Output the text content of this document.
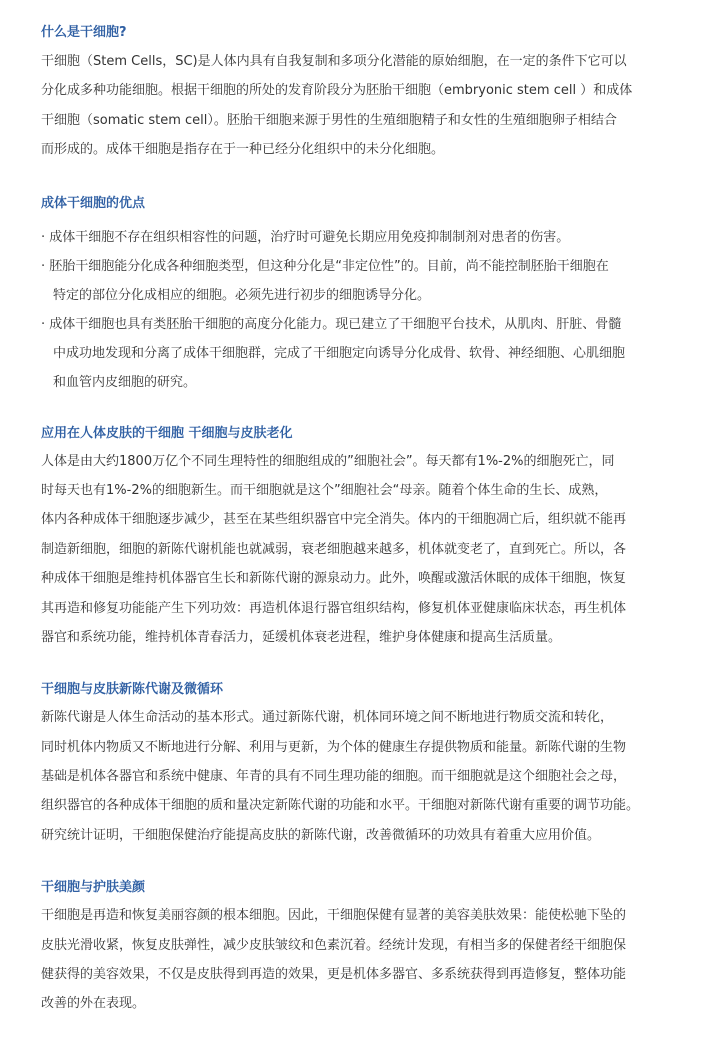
什么是干细胞?
干细胞（Stem Cells，SC)是人体内具有自我复制和多项分化潜能的原始细胞，在一定的条件下它可以
分化成多种功能细胞。根据干细胞的所处的发育阶段分为胚胎干细胞（embryonic stem cell ）和成体
干细胞（somatic stem cell）。胚胎干细胞来源于男性的生殖细胞精子和女性的生殖细胞卵子相结合
而形成的。成体干细胞是指存在于一种已经分化组织中的未分化细胞。
成体干细胞的优点
· 成体干细胞不存在组织相容性的问题，治疗时可避免长期应用免疫抑制制剂对患者的伤害。
· 胚胎干细胞能分化成各种细胞类型，但这种分化是“非定位性”的。目前，尚不能控制胚胎干细胞在
特定的部位分化成相应的细胞。必须先进行初步的细胞诱导分化。
· 成体干细胞也具有类胚胎干细胞的高度分化能力。现已建立了干细胞平台技术，从肌肉、肝脏、骨髓
中成功地发现和分离了成体干细胞群，完成了干细胞定向诱导分化成骨、软骨、神经细胞、心肌细胞
和血管内皮细胞的研究。
应用在人体皮肤的干细胞 干细胞与皮肤老化
人体是由大约1800万亿个不同生理特性的细胞组成的”细胞社会”。每天都有1%-2%的细胞死亡，同
时每天也有1%-2%的细胞新生。而干细胞就是这个”细胞社会“母亲。随着个体生命的生长、成熟，
体内各种成体干细胞逐步减少，甚至在某些组织器官中完全消失。体内的干细胞凋亡后，组织就不能再
制造新细胞，细胞的新陈代谢机能也就减弱，衰老细胞越来越多，机体就变老了，直到死亡。所以，各
种成体干细胞是维持机体器官生长和新陈代谢的源泉动力。此外，唤醒或激活休眠的成体干细胞，恢复
其再造和修复功能能产生下列功效：再造机体退行器官组织结构，修复机体亚健康临床状态，再生机体
器官和系统功能，维持机体青春活力，延缓机体衰老进程，维护身体健康和提高生活质量。
干细胞与皮肤新陈代谢及微循环
新陈代谢是人体生命活动的基本形式。通过新陈代谢，机体同环境之间不断地进行物质交流和转化，
同时机体内物质又不断地进行分解、利用与更新，为个体的健康生存提供物质和能量。新陈代谢的生物
基础是机体各器官和系统中健康、年青的具有不同生理功能的细胞。而干细胞就是这个细胞社会之母，
组织器官的各种成体干细胞的质和量决定新陈代谢的功能和水平。干细胞对新陈代谢有重要的调节功能。
研究统计证明，干细胞保健治疗能提高皮肤的新陈代谢，改善微循环的功效具有着重大应用价值。
干细胞与护肤美颜
干细胞是再造和恢复美丽容颜的根本细胞。因此，干细胞保健有显著的美容美肤效果：能使松驰下坠的
皮肤光滑收紧，恢复皮肤弹性，减少皮肤皱纹和色素沉着。经统计发现，有相当多的保健者经干细胞保
健获得的美容效果，不仅是皮肤得到再造的效果，更是机体多器官、多系统获得到再造修复，整体功能
改善的外在表现。
